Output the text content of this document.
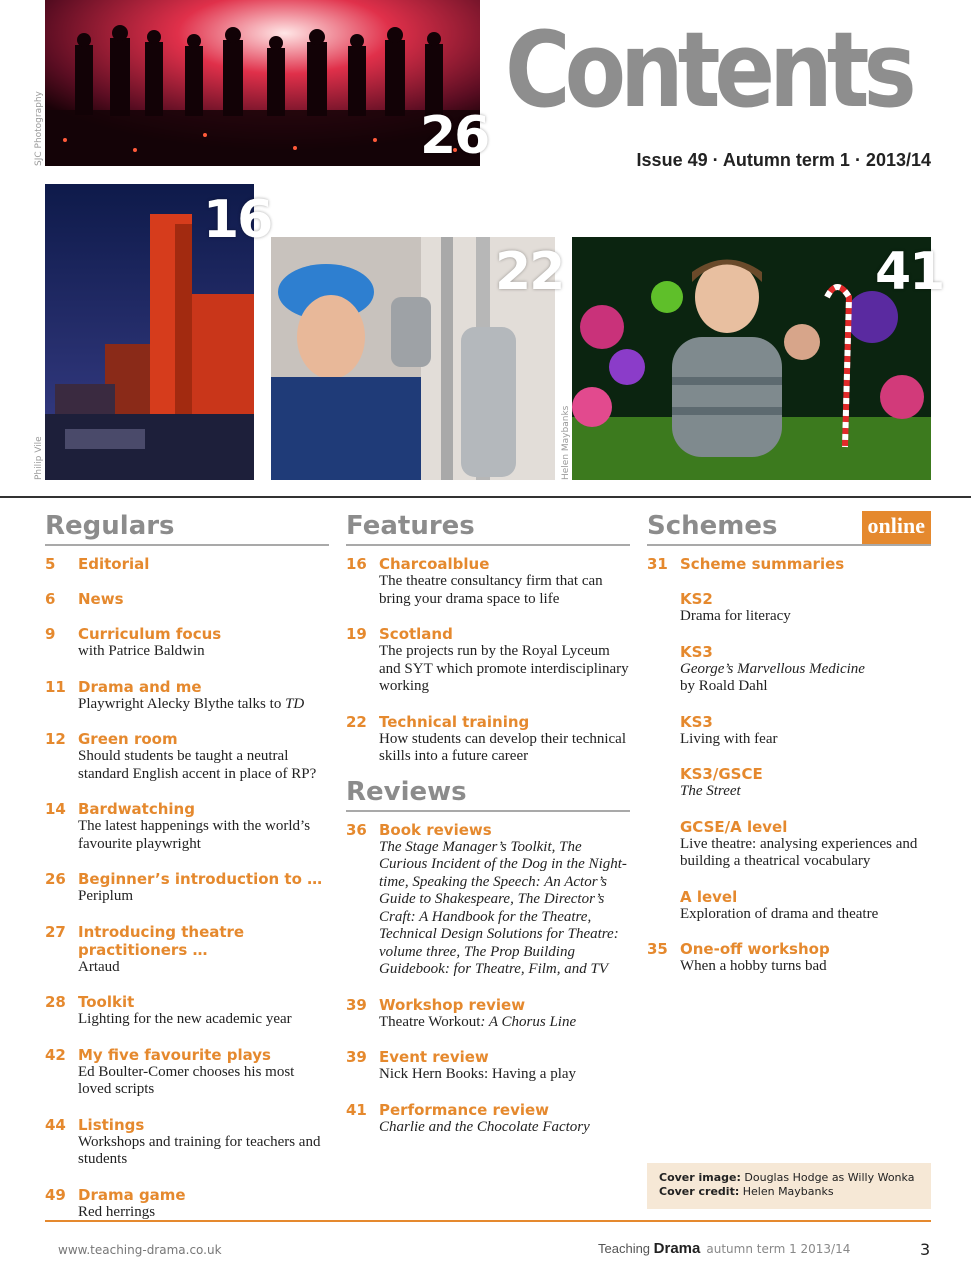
26
SJC Photography
16
Philip Vile
22	41
Helen Maybanks
Contents
Issue 49 · Autumn term 1 · 2013/14
Regulars
5	Editorial
6	News
9	Curriculum focus
with Patrice Baldwin
11 Drama and me
Playwright Alecky Blythe talks to TD
12 Green room
Should students be taught a neutral standard English accent in place of RP?
14 Bardwatching
The latest happenings with the world’s favourite playwright
26 Beginner’s introduction to …
Periplum
27 Introducing theatre practitioners …
Artaud
28 Toolkit
Lighting for the new academic year
42 My five favourite plays
Ed Boulter-Comer chooses his most loved scripts
44 Listings
Workshops and training for teachers and students
49 Drama game
Red herrings
Features
16 Charcoalblue
The theatre consultancy firm that can bring your drama space to life
19 Scotland
The projects run by the Royal Lyceum and SYT which promote interdisciplinary working
22 Technical training
How students can develop their technical skills into a future career
Reviews
36 Book reviews
The Stage Manager’s Toolkit, The Curious Incident of the Dog in the Night-time, Speaking the Speech: An Actor’s Guide to Shakespeare, The Director’s Craft: A Handbook for the Theatre, Technical Design Solutions for Theatre: volume three, The Prop Building Guidebook: for Theatre, Film, and TV
39 Workshop review
Theatre Workout: A Chorus Line
39 Event review
Nick Hern Books: Having a play
41 Performance review
Charlie and the Chocolate Factory
Schemes	online
31 Scheme summaries
KS2
Drama for literacy
KS3
George’s Marvellous Medicine
by Roald Dahl
KS3
Living with fear
KS3/GSCE
The Street
GCSE/A level
Live theatre: analysing experiences and building a theatrical vocabulary
A level
Exploration of drama and theatre
35 One-off workshop
When a hobby turns bad
Cover image: Douglas Hodge as Willy Wonka
Cover credit: Helen Maybanks
www.teaching-drama.co.uk	Teaching Drama autumn term 1 2013/14	3
